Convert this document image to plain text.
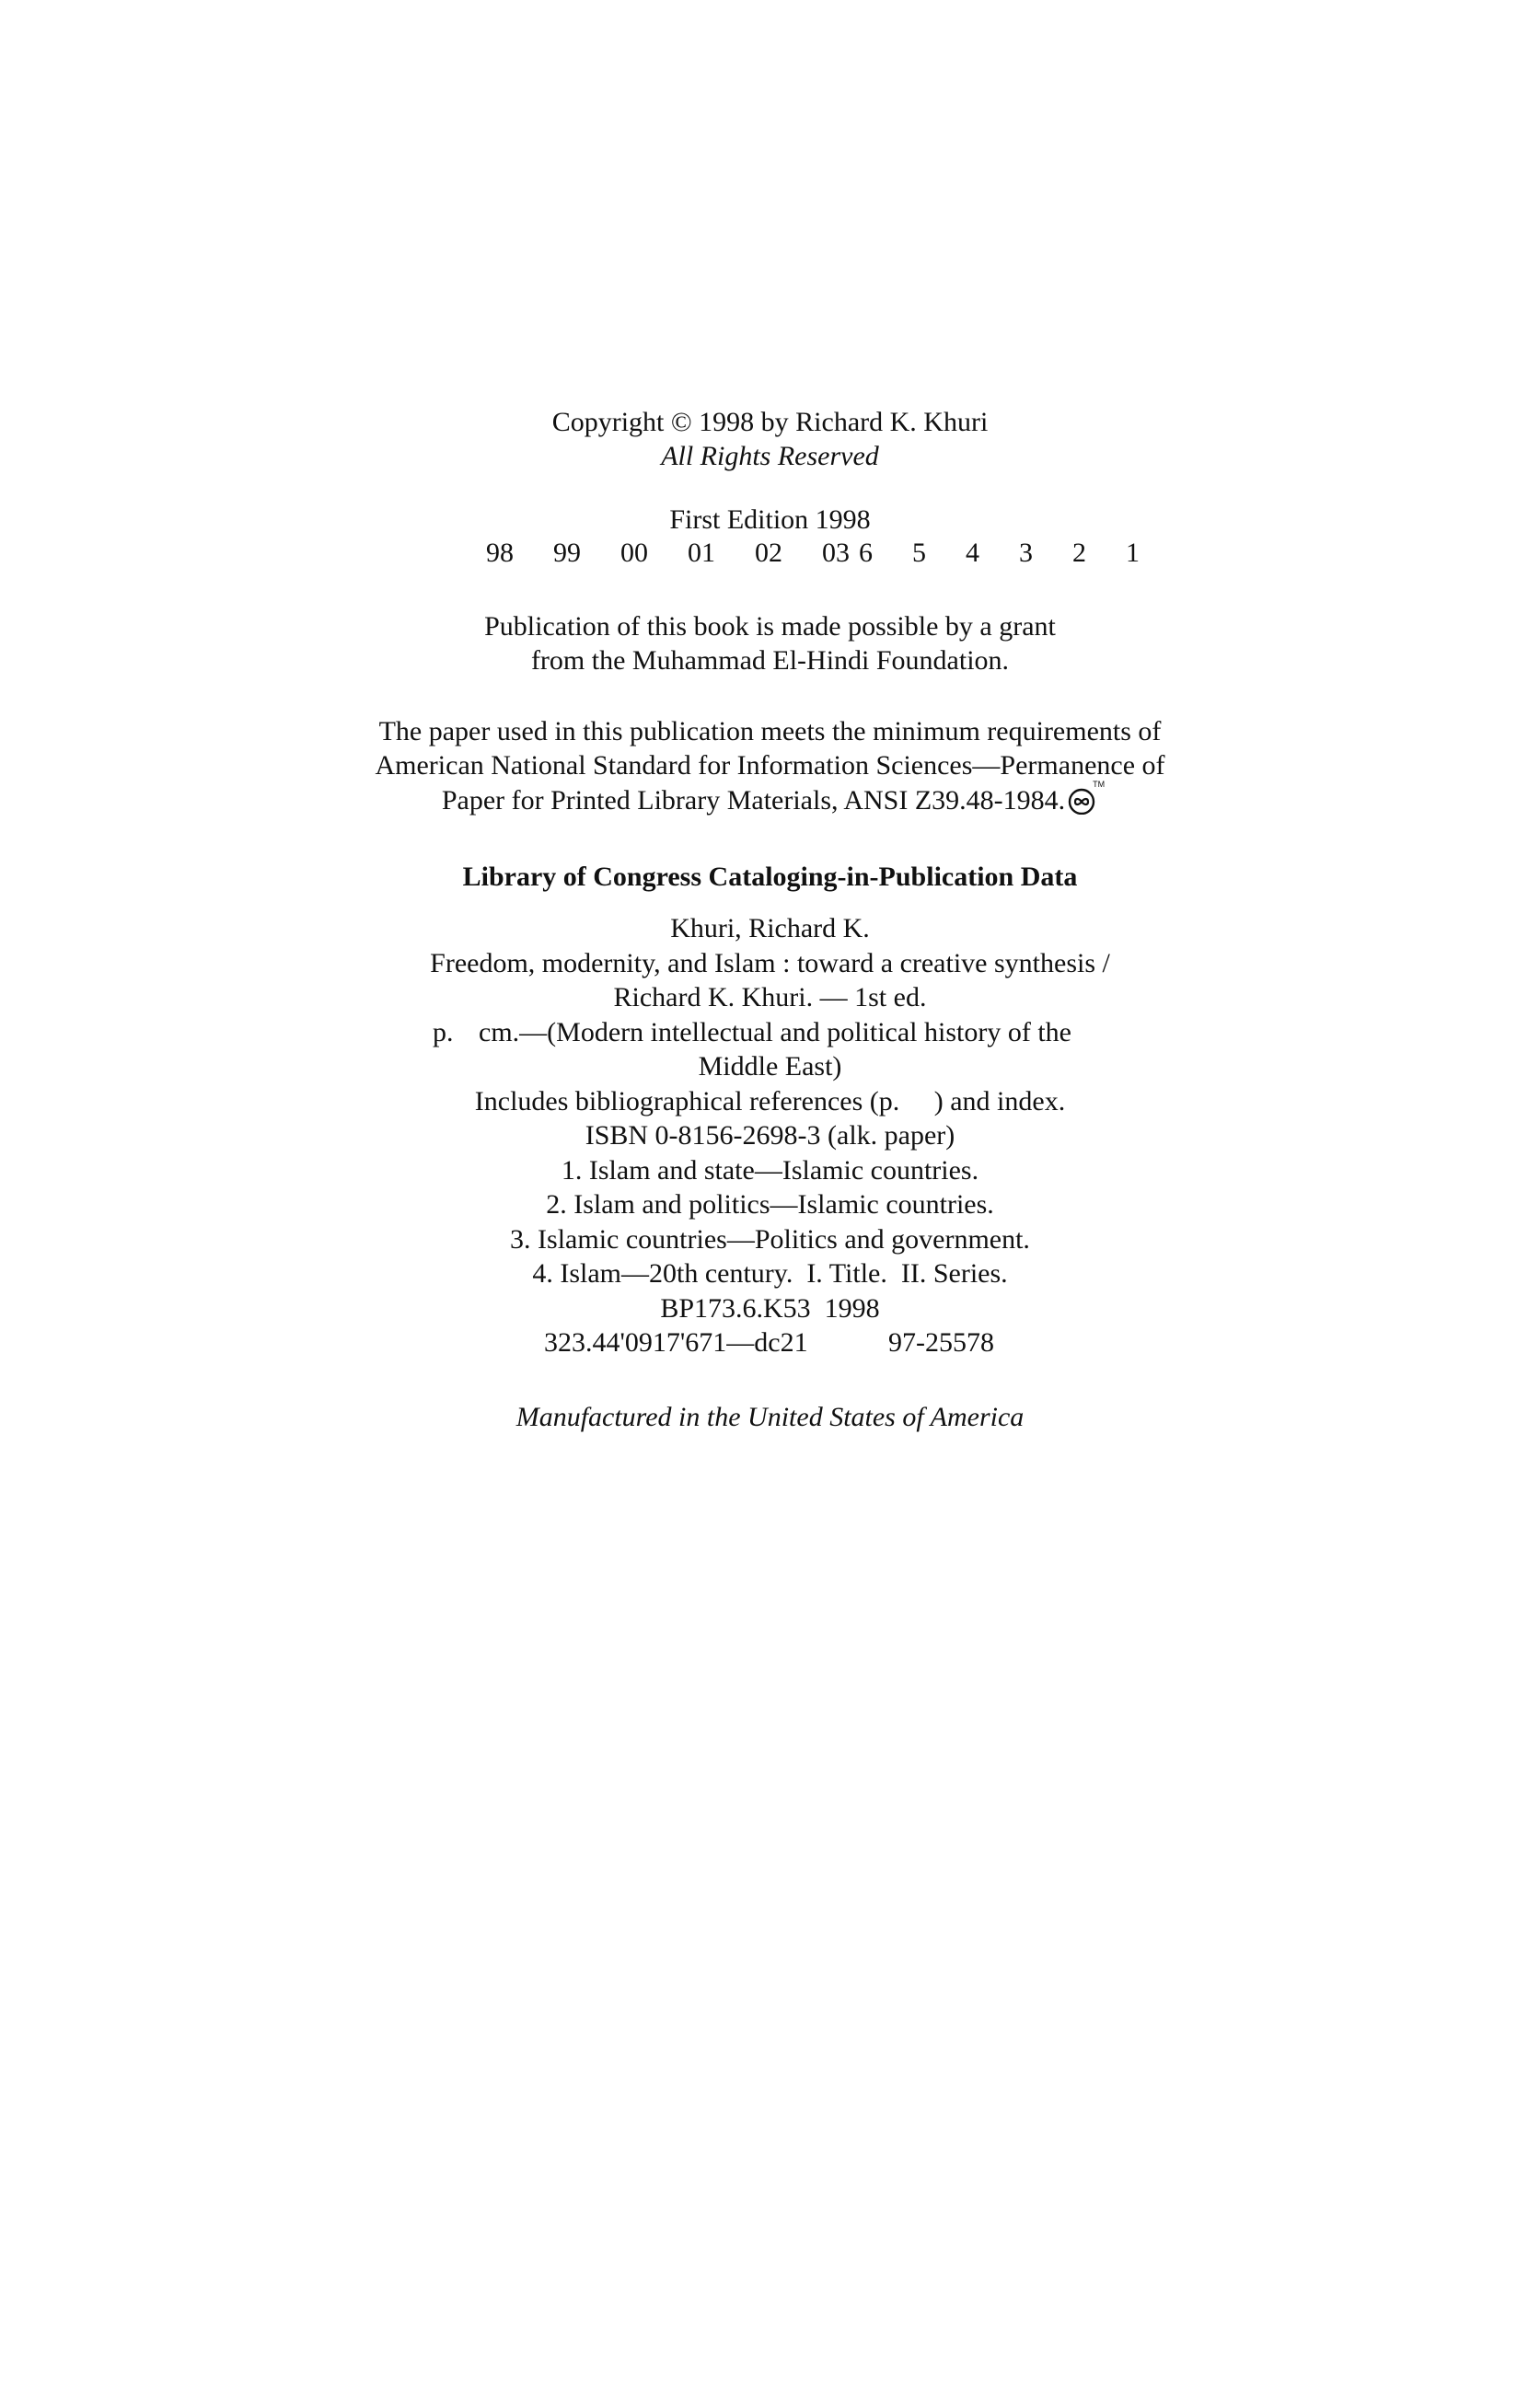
Copyright © 1998 by Richard K. Khuri
All Rights Reserved
First Edition 1998
98  99  00  01  02  03 6  5  4  3  2  1
Publication of this book is made possible by a grant
from the Muhammad El-Hindi Foundation.
The paper used in this publication meets the minimum requirements of
American National Standard for Information Sciences—Permanence of
Paper for Printed Library Materials, ANSI Z39.48-1984.
TM
Library of Congress Cataloging-in-Publication Data
Khuri, Richard K.
Freedom, modernity, and Islam : toward a creative synthesis /
Richard K. Khuri. — 1st ed.
p. cm.—(Modern intellectual and political history of the
Middle East)
Includes bibliographical references (p.     ) and index.
ISBN 0-8156-2698-3 (alk. paper)
1. Islam and state—Islamic countries.
2. Islam and politics—Islamic countries.
3. Islamic countries—Politics and government.
4. Islam—20th century.  I. Title.  II. Series.
BP173.6.K53  1998
323.44'0917'671—dc21	97-25578
Manufactured in the United States of America
